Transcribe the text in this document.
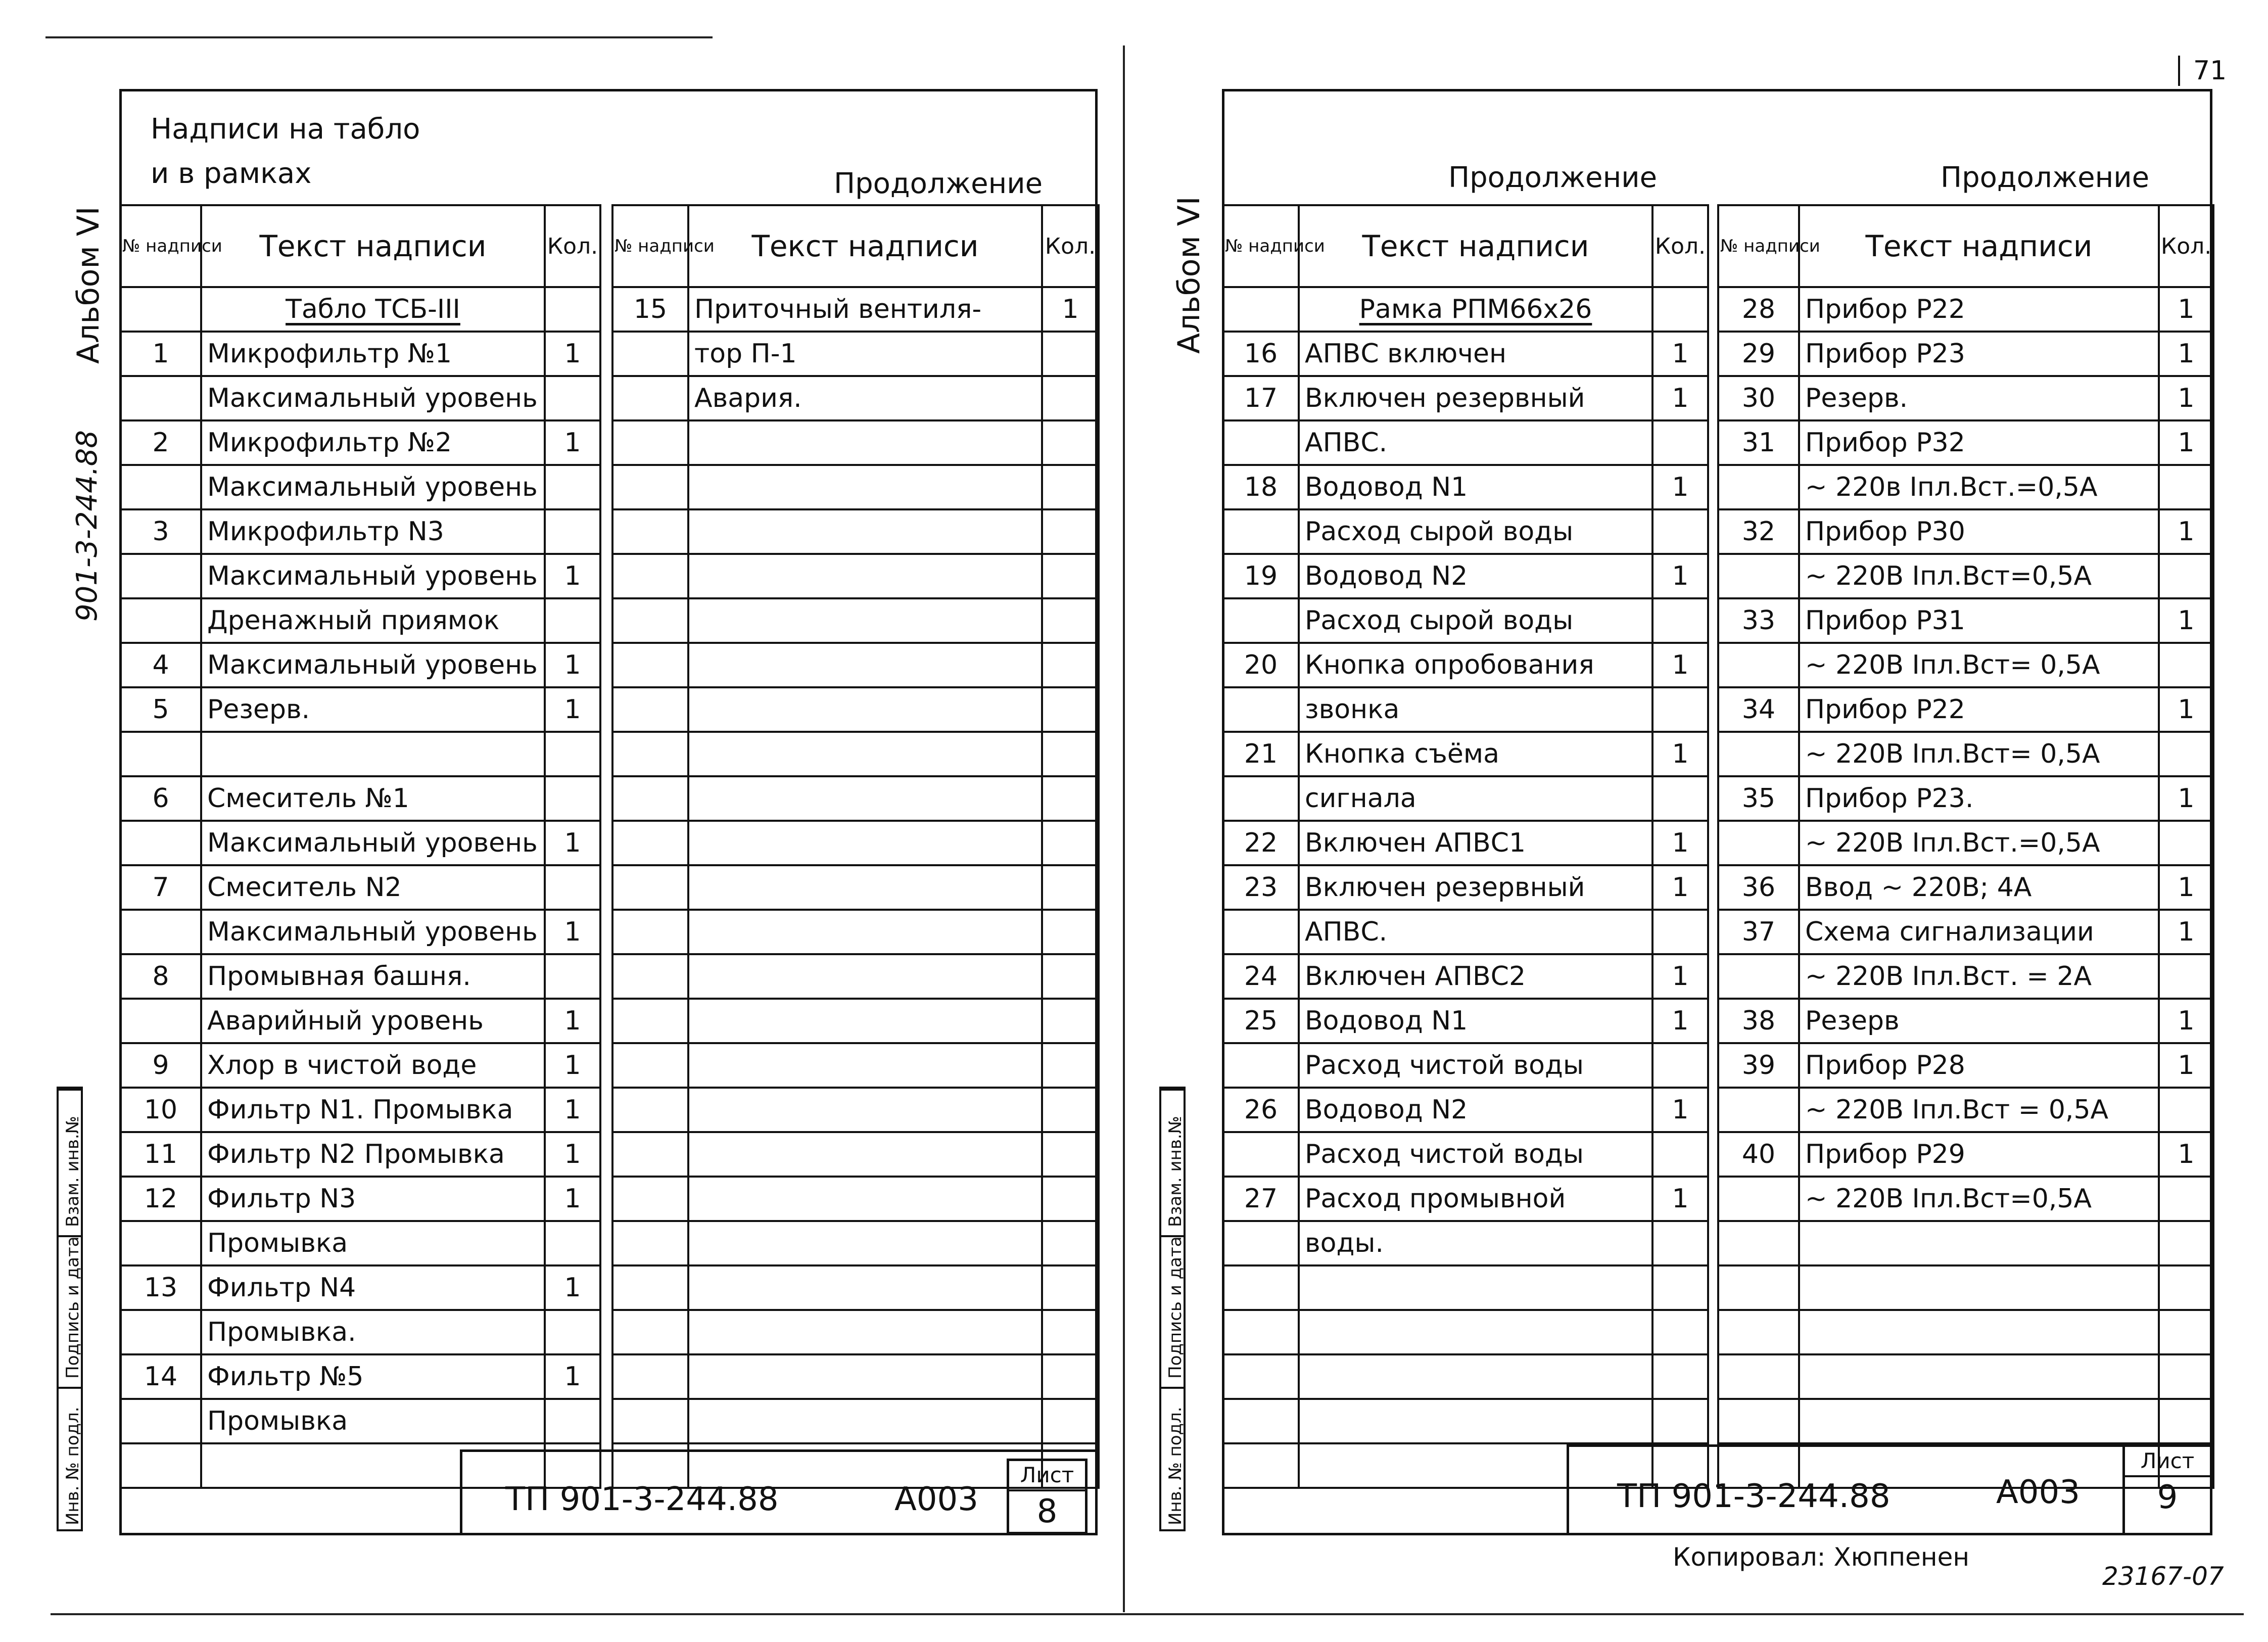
Альбом VI
901-3-244.88
Взам. инв.№
Подпись и дата
Инв. № подл.
Надписи на табло
и в рамках	Продолжение
№ надписи	Текст надписи	Кол.
	Табло ТСБ-III	
1	Микрофильтр №1	1
	Максимальный уровень	
2	Микрофильтр №2	1
	Максимальный уровень	
3	Микрофильтр N3	
	Максимальный уровень	1
	Дренажный приямок	
4	Максимальный уровень	1
5	Резерв.	1

6	Смеситель №1	
	Максимальный уровень	1
7	Смеситель N2	
	Максимальный уровень	1
8	Промывная башня.	
	Аварийный уровень	1
9	Хлор в чистой воде	1
10	Фильтр N1. Промывка	1
11	Фильтр N2 Промывка	1
12	Фильтр N3	1
	Промывка	
13	Фильтр N4	1
	Промывка.	
14	Фильтр №5	1
	Промывка	

№ надписи	Текст надписи	Кол.
15	Приточный вентиля-	1
	тор П-1	
	Авария.	

ТП 901-3-244.88	А003
Лист
8
71
Альбом VI
Взам. инв.№
Подпись и дата
Инв. № подл.
Продолжение	Продолжение
№ надписи	Текст надписи	Кол.
	Рамка РПМ66х26	
16	АПВС включен	1
17	Включен резервный	1
	АПВС.	
18	Водовод N1	1
	Расход сырой воды	
19	Водовод N2	1
	Расход сырой воды	
20	Кнопка опробования	1
	звонка	
21	Кнопка съёма	1
	сигнала	
22	Включен АПВС1	1
23	Включен резервный	1
	АПВС.	
24	Включен АПВС2	1
25	Водовод N1	1
	Расход чистой воды	
26	Водовод N2	1
	Расход чистой воды	
27	Расход промывной	1
	воды.	

№ надписи	Текст надписи	Кол.
28	Прибор Р22	1
29	Прибор Р23	1
30	Резерв.	1
31	Прибор Р32	1
	~ 220в Iпл.Вст.=0,5А	
32	Прибор Р30	1
	~ 220В Iпл.Вст=0,5А	
33	Прибор Р31	1
	~ 220В Iпл.Вст= 0,5А	
34	Прибор Р22	1
	~ 220В Iпл.Вст= 0,5А	
35	Прибор Р23.	1
	~ 220В Iпл.Вст.=0,5А	
36	Ввод ~ 220В; 4А	1
37	Схема сигнализации	1
	~ 220В Iпл.Вст. = 2А	
38	Резерв	1
39	Прибор Р28	1
	~ 220В Iпл.Вст = 0,5А	
40	Прибор Р29	1
	~ 220В Iпл.Вст=0,5А	

ТП 901-3-244.88	А003
Лист
9
Копировал: Хюппенен
23167-07
